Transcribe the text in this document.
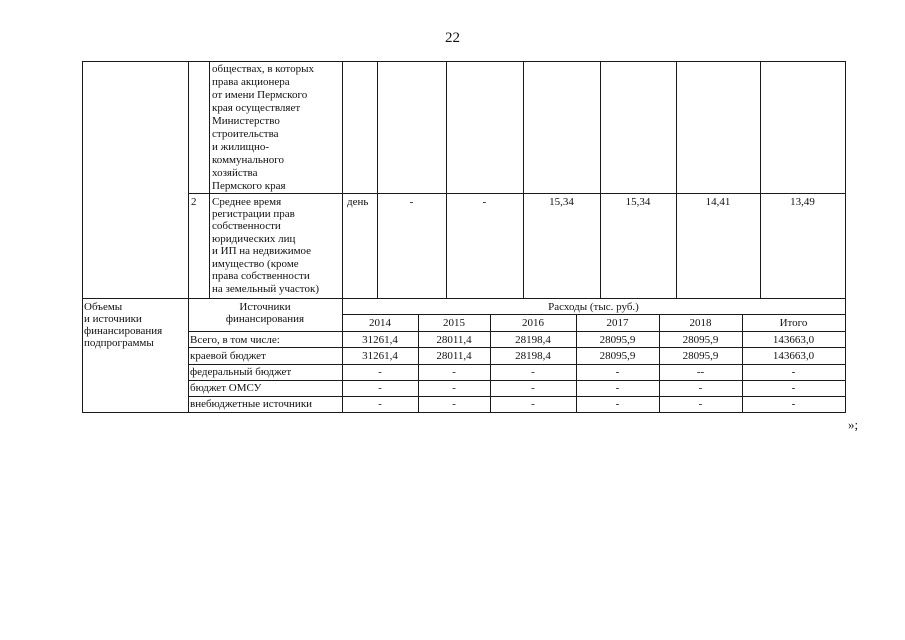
22
обществах, в которых
права акционера
от имени Пермского
края осуществляет
Министерство
строительства
и жилищно-
коммунального
хозяйства
Пермского края
2 Среднее время
регистрации прав
собственности
юридических лиц
и ИП на недвижимое
имущество (кроме
права собственности
на земельный участок)
день	-	-	15,34	15,34	14,41	13,49
Объемы
и источники
финансирования
подпрограммы
Источники
финансирования
Расходы (тыс. руб.)
2014	2015	2016	2017	2018	Итого
Всего, в том числе:	31261,4	28011,4	28198,4	28095,9	28095,9	143663,0
краевой бюджет	31261,4	28011,4	28198,4	28095,9	28095,9	143663,0
федеральный бюджет	-	-	-	-	--	-
бюджет ОМСУ	-	-	-	-	-	-
внебюджетные источники	-	-	-	-	-	-
»;
